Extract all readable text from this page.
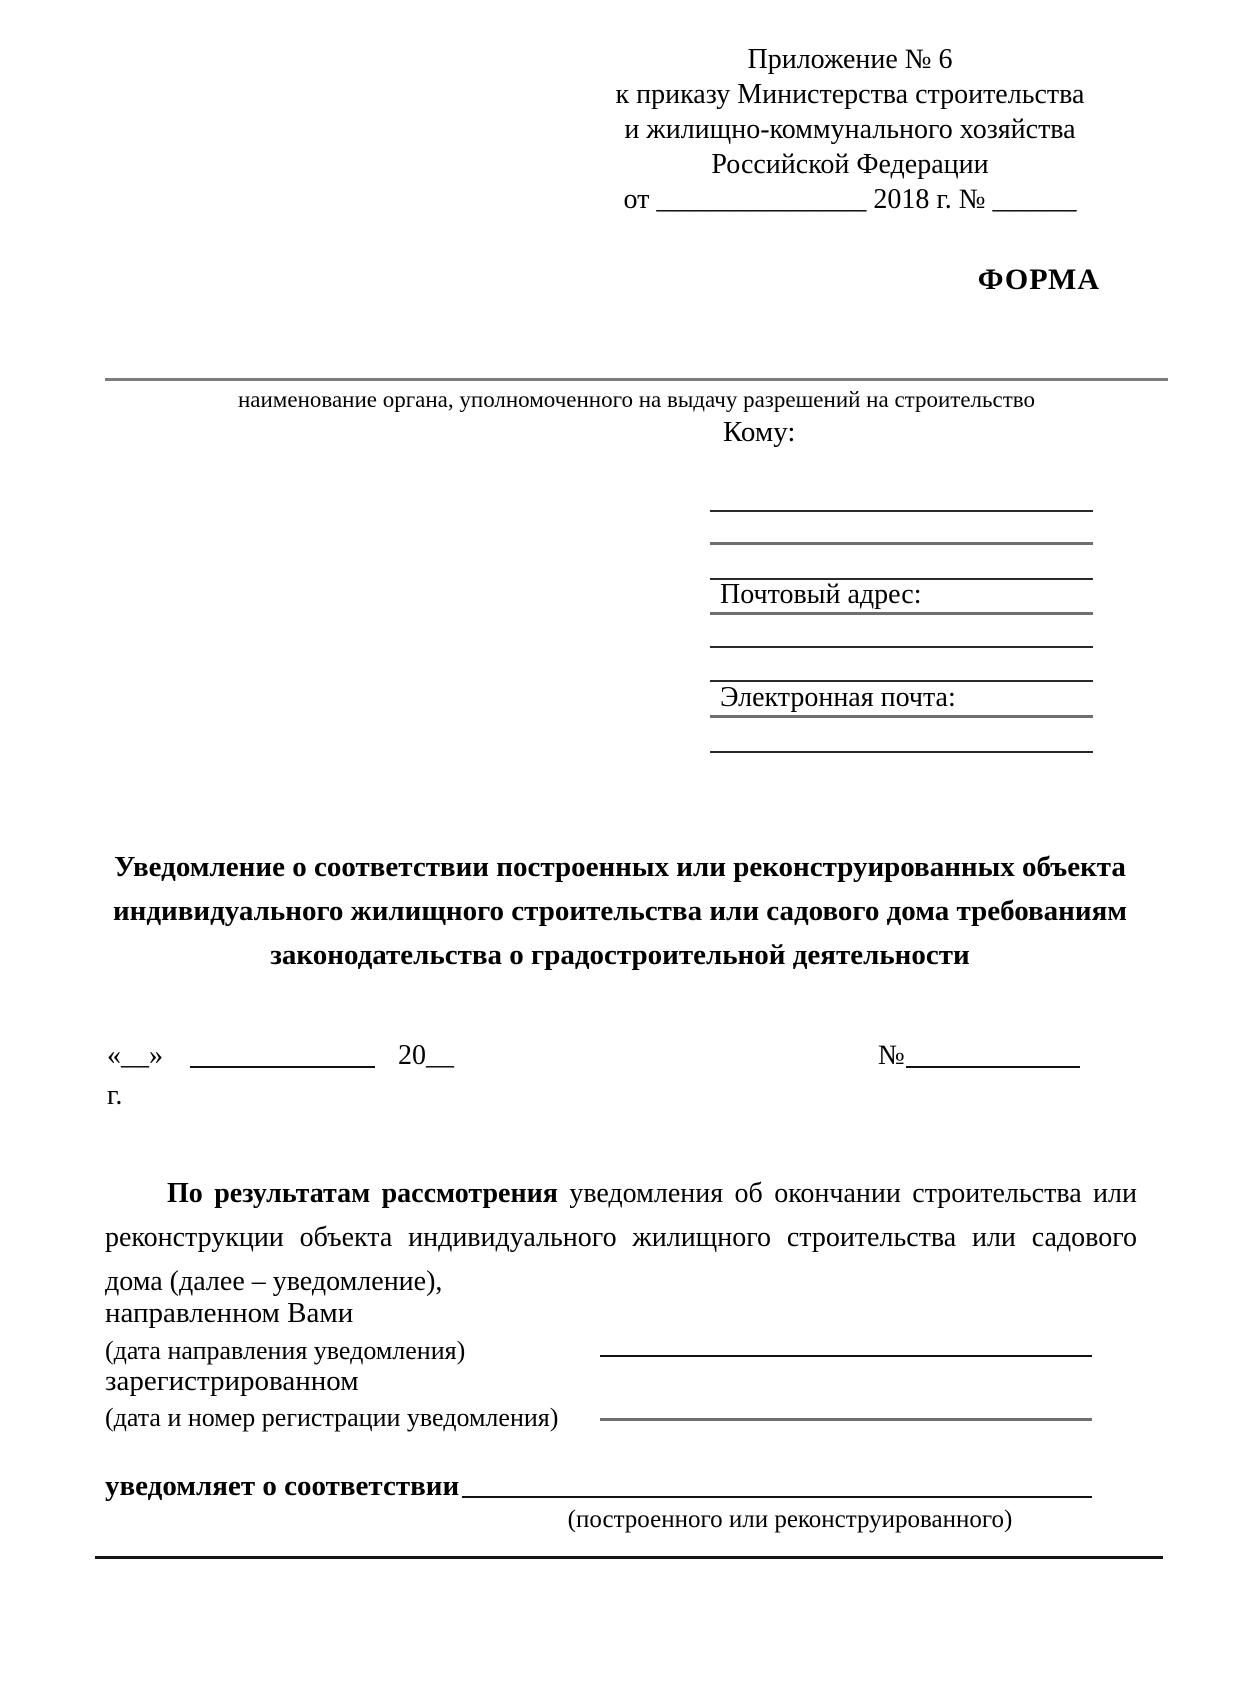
Приложение № 6
к приказу Министерства строительства
и жилищно-коммунального хозяйства
Российской Федерации
от _______________ 2018 г. № ______
ФОРМА
наименование органа, уполномоченного на выдачу разрешений на строительство
Кому:
Почтовый адрес:
Электронная почта:
Уведомление о соответствии построенных или реконструированных объекта
индивидуального жилищного строительства или садового дома требованиям
законодательства о градостроительной деятельности
«__»	20__	№
г.
По результатам рассмотрения уведомления об окончании строительства или реконструкции объекта индивидуального жилищного строительства или садового дома (далее – уведомление),
направленном Вами
(дата направления уведомления)
зарегистрированном
(дата и номер регистрации уведомления)
уведомляет о соответствии
(построенного или реконструированного)
